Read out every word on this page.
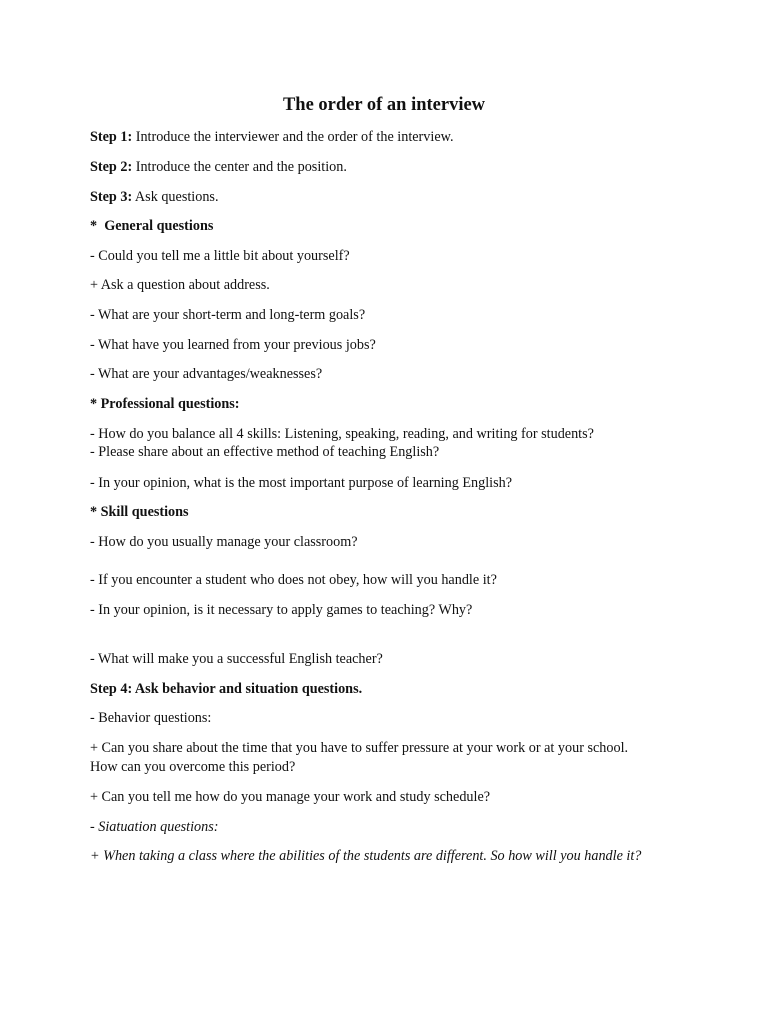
The order of an interview
Step 1: Introduce the interviewer and the order of the interview.
Step 2: Introduce the center and the position.
Step 3: Ask questions.
*  General questions
- Could you tell me a little bit about yourself?
+ Ask a question about address.
- What are your short-term and long-term goals?
- What have you learned from your previous jobs?
- What are your advantages/weaknesses?
* Professional questions:
- How do you balance all 4 skills: Listening, speaking, reading, and writing for students?
- Please share about an effective method of teaching English?
- In your opinion, what is the most important purpose of learning English?
* Skill questions
- How do you usually manage your classroom?
- If you encounter a student who does not obey, how will you handle it?
- In your opinion, is it necessary to apply games to teaching? Why?
- What will make you a successful English teacher?
Step 4: Ask behavior and situation questions.
- Behavior questions:
+ Can you share about the time that you have to suffer pressure at your work or at your school.
How can you overcome this period?
+ Can you tell me how do you manage your work and study schedule?
- Siatuation questions:
+ When taking a class where the abilities of the students are different. So how will you handle it?
